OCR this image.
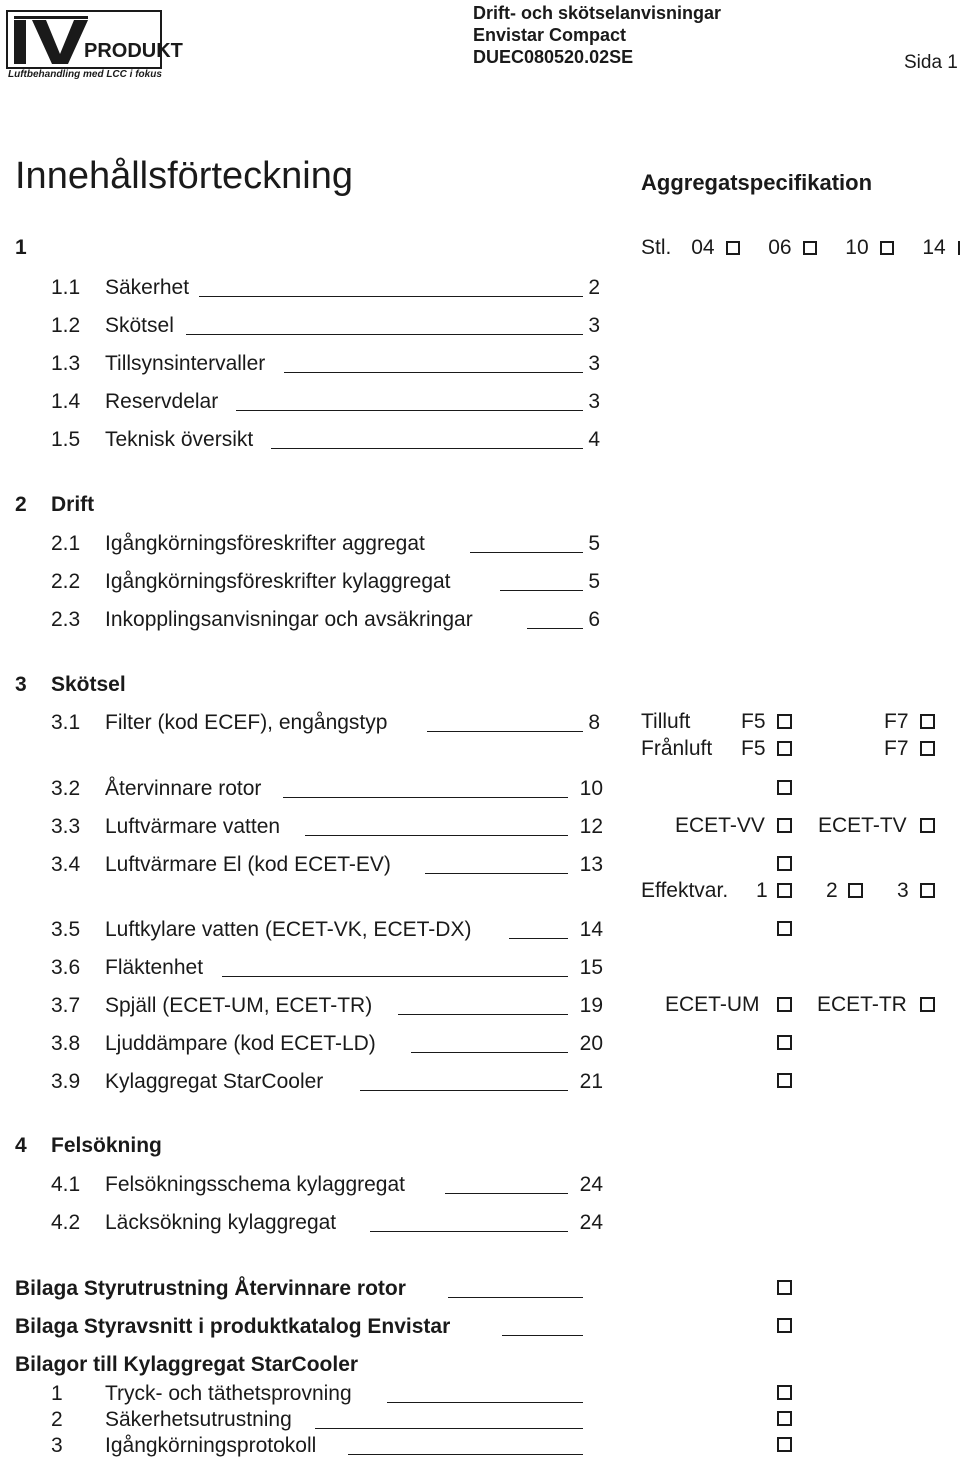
PRODUKT
Luftbehandling med LCC i fokus
Drift- och skötselanvisningar
Envistar Compact
DUEC080520.02SE	Sida 1
Innehållsförteckning	Aggregatspecifikation
Stl. 04	06	10	14
1
1.1 Säkerhet	2
1.2 Skötsel	3
1.3 Tillsynsintervaller	3
1.4 Reservdelar	3
1.5 Teknisk översikt	4
2 Drift
2.1 Igångkörningsföreskrifter aggregat	5
2.2 Igångkörningsföreskrifter kylaggregat	5
2.3 Inkopplingsanvisningar och avsäkringar	6
3 Skötsel
3.1 Filter (kod ECEF), engångstyp	8
3.2 Återvinnare rotor	10
3.3 Luftvärmare vatten	12
3.4 Luftvärmare El (kod ECET-EV)	13
3.5 Luftkylare vatten (ECET-VK, ECET-DX)	14
3.6 Fläktenhet	15
3.7 Spjäll (ECET-UM, ECET-TR)	19
3.8 Ljuddämpare (kod ECET-LD)	20
3.9 Kylaggregat StarCooler	21
Tilluft F5	F7
Frånluft F5	F7
ECET-VV	ECET-TV
Effektvar. 1	2	3
ECET-UM	ECET-TR
4 Felsökning
4.1 Felsökningsschema kylaggregat	24
4.2 Läcksökning kylaggregat	24
Bilaga Styrutrustning Återvinnare rotor
Bilaga Styravsnitt i produktkatalog Envistar
Bilagor till Kylaggregat StarCooler
1 Tryck- och täthetsprovning
2 Säkerhetsutrustning
3 Igångkörningsprotokoll
